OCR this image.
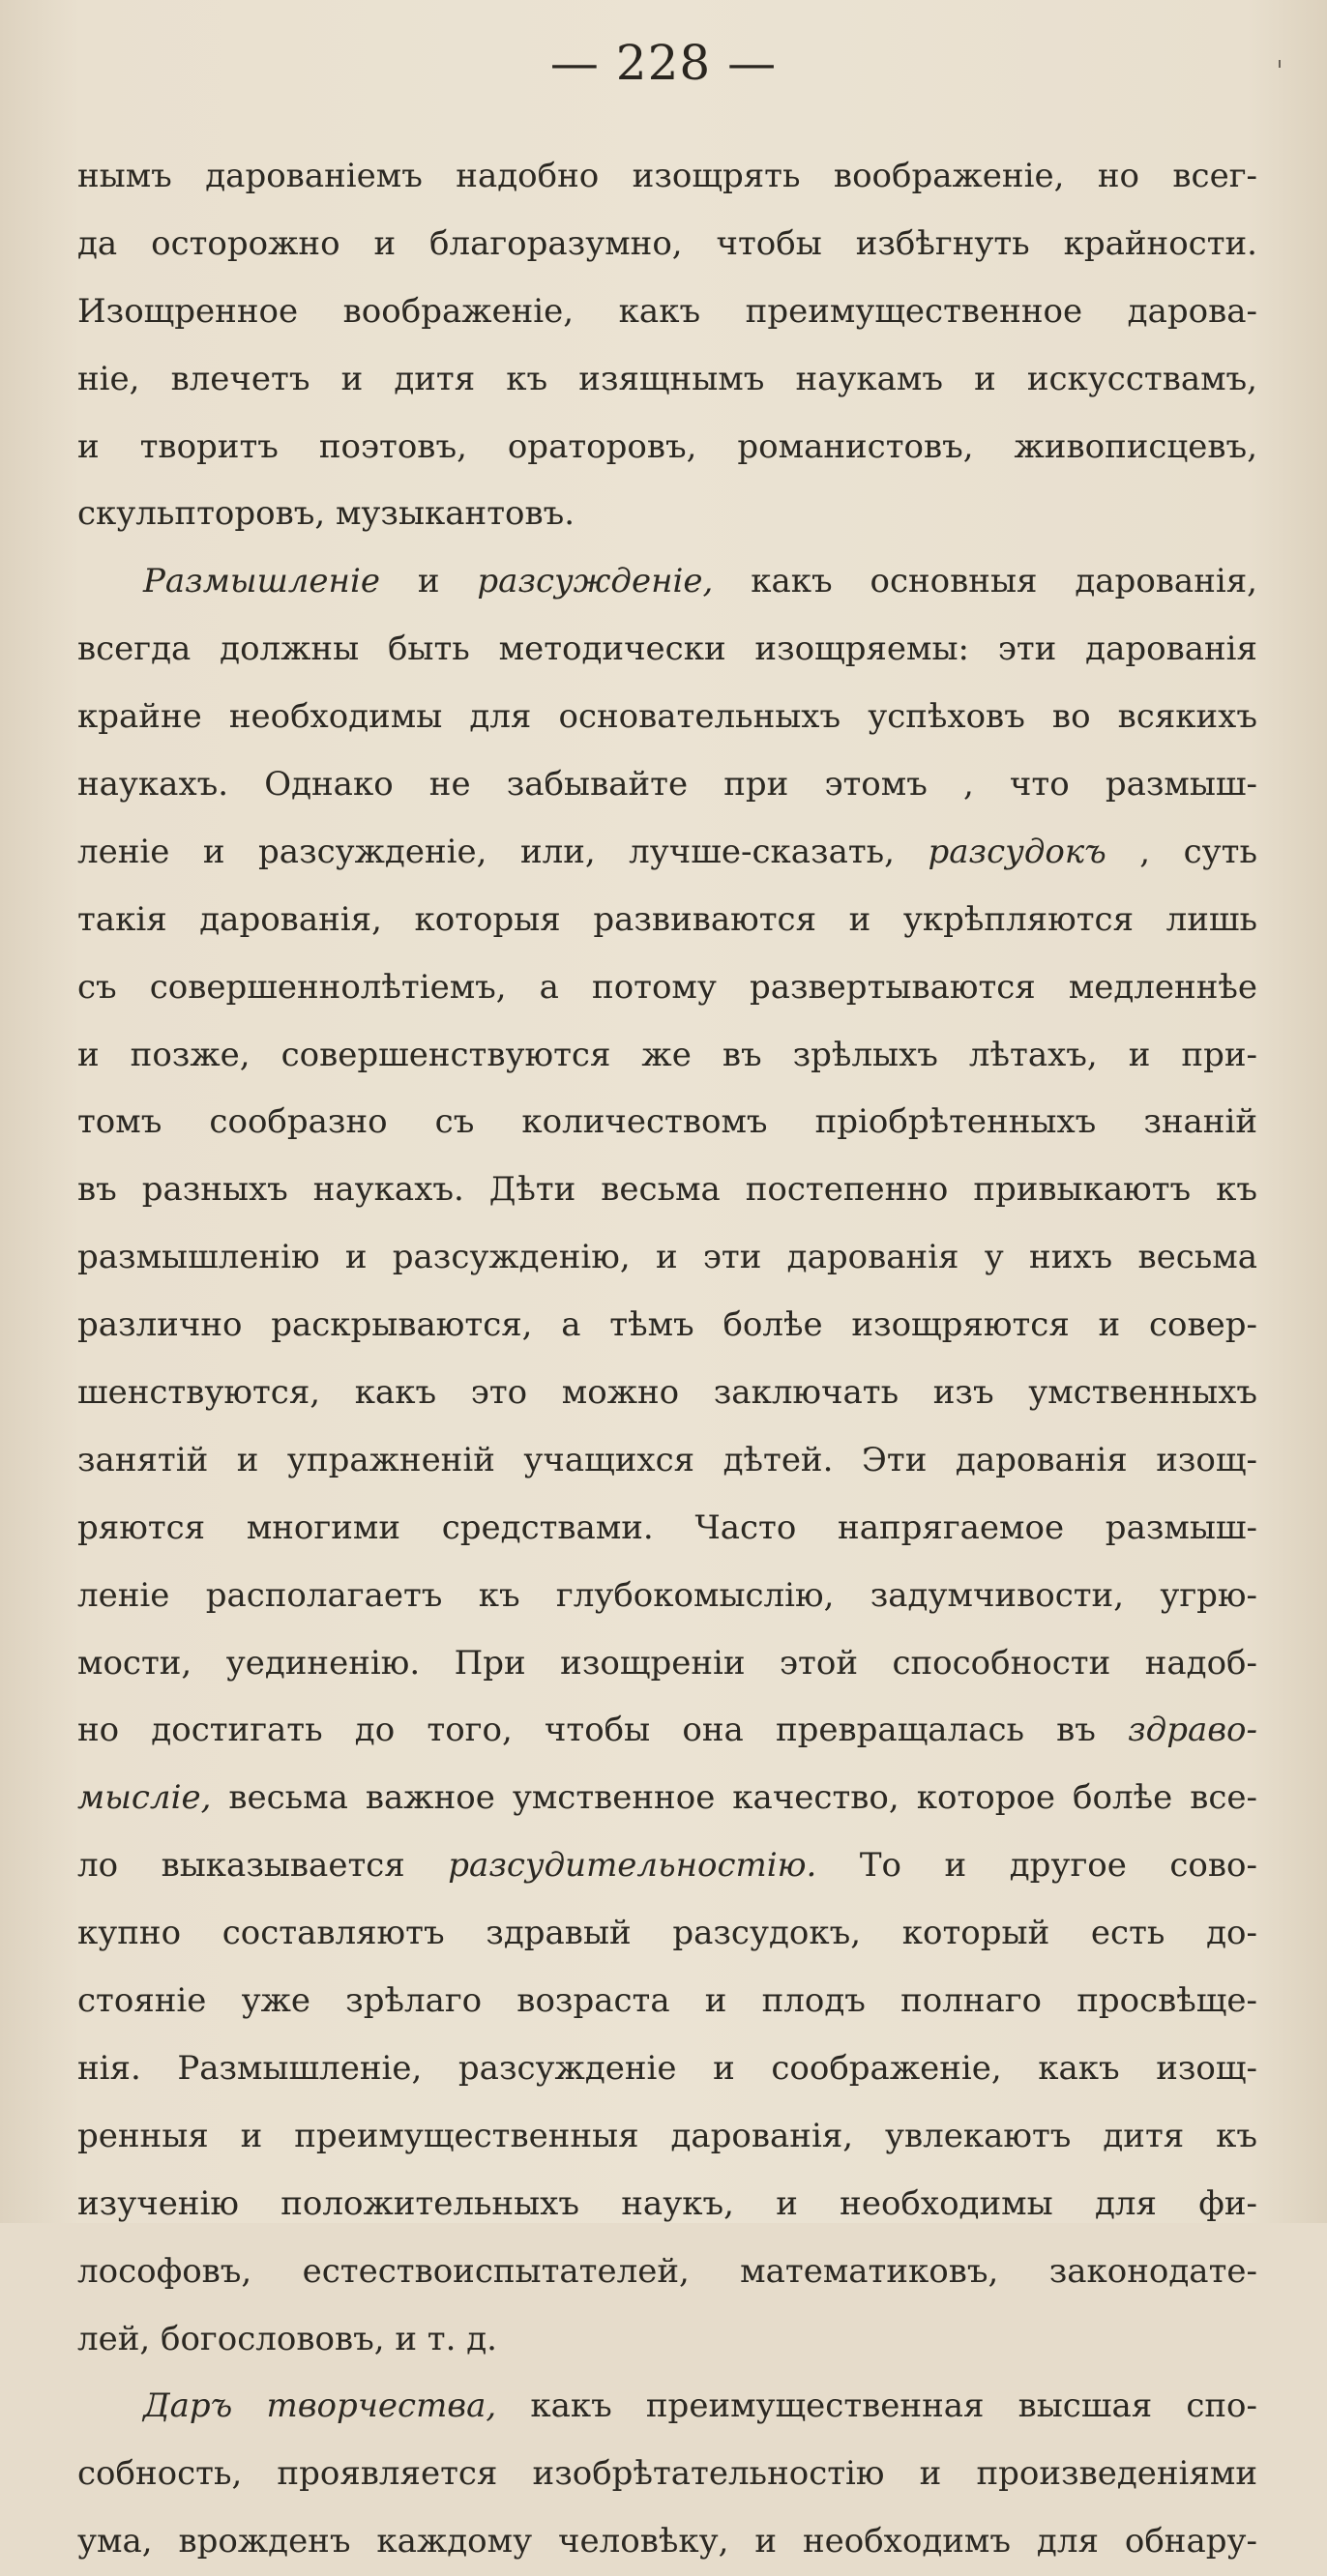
— 228 —
нымъ дарованіемъ надобно изощрять воображеніе, но всег-
да осторожно и благоразумно, чтобы избѣгнуть крайности.
Изощренное воображеніе, какъ преимущественное дарова-
ніе, влечетъ и дитя къ изящнымъ наукамъ и искусствамъ,
и творитъ поэтовъ, ораторовъ, романистовъ, живописцевъ,
скульпторовъ, музыкантовъ.
Размышленіе и разсужденіе, какъ основныя дарованія,
всегда должны быть методически изощряемы: эти дарованія
крайне необходимы для основательныхъ успѣховъ во всякихъ
наукахъ. Однако не забывайте при этомъ , что размыш-
леніе и разсужденіе, или, лучше-сказать, разсудокъ , суть
такія дарованія, которыя развиваются и укрѣпляются лишь
съ совершеннолѣтіемъ, а потому развертываются медленнѣе
и позже, совершенствуются же въ зрѣлыхъ лѣтахъ, и при-
томъ сообразно съ количествомъ пріобрѣтенныхъ знаній
въ разныхъ наукахъ. Дѣти весьма постепенно привыкаютъ къ
размышленію и разсужденію, и эти дарованія у нихъ весьма
различно раскрываются, а тѣмъ болѣе изощряются и совер-
шенствуются, какъ это можно заключать изъ умственныхъ
занятій и упражненій учащихся дѣтей. Эти дарованія изощ-
ряются многими средствами. Часто напрягаемое размыш-
леніе располагаетъ къ глубокомыслію, задумчивости, угрю-
мости, уединенію. При изощреніи этой способности надоб-
но достигать до того, чтобы она превращалась въ здраво-
мысліе, весьма важное умственное качество, которое болѣе все-
ло выказывается разсудительностію. То и другое сово-
купно составляютъ здравый разсудокъ, который есть до-
стояніе уже зрѣлаго возраста и плодъ полнаго просвѣще-
нія. Размышленіе, разсужденіе и соображеніе, какъ изощ-
ренныя и преимущественныя дарованія, увлекаютъ дитя къ
изученію положительныхъ наукъ, и необходимы для фи-
лософовъ, естествоиспытателей, математиковъ, законодате-
лей, богослововъ, и т. д.
Даръ творчества, какъ преимущественная высшая спо-
собность, проявляется изобрѣтательностію и произведеніями
ума, врожденъ каждому человѣку, и необходимъ для обнару-
